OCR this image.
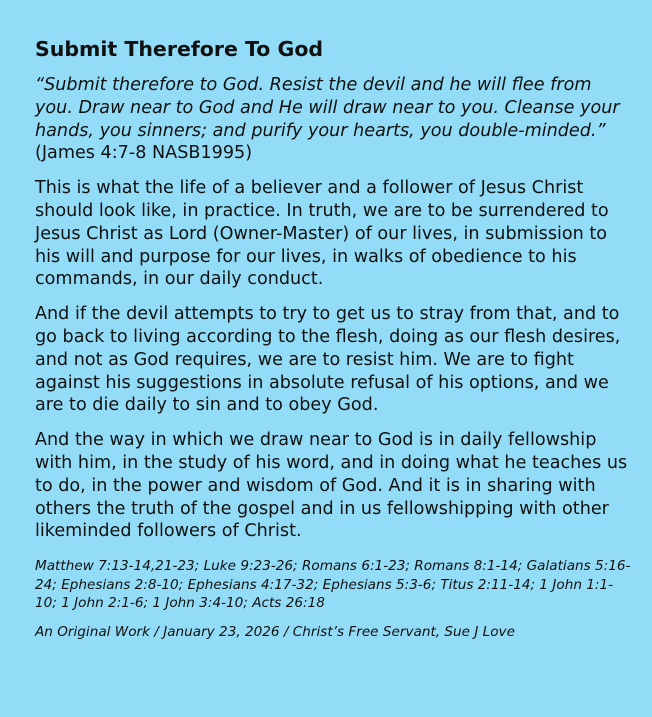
Submit Therefore To God

“Submit therefore to God. Resist the devil and he will flee from you. Draw near to God and He will draw near to you. Cleanse your hands, you sinners; and purify your hearts, you double-minded.” (James 4:7-8 NASB1995)

This is what the life of a believer and a follower of Jesus Christ should look like, in practice. In truth, we are to be surrendered to Jesus Christ as Lord (Owner-Master) of our lives, in submission to his will and purpose for our lives, in walks of obedience to his commands, in our daily conduct.

And if the devil attempts to try to get us to stray from that, and to go back to living according to the flesh, doing as our flesh desires, and not as God requires, we are to resist him. We are to fight against his suggestions in absolute refusal of his options, and we are to die daily to sin and to obey God.

And the way in which we draw near to God is in daily fellowship with him, in the study of his word, and in doing what he teaches us to do, in the power and wisdom of God. And it is in sharing with others the truth of the gospel and in us fellowshipping with other likeminded followers of Christ.

Matthew 7:13-14,21-23; Luke 9:23-26; Romans 6:1-23; Romans 8:1-14; Galatians 5:16-24; Ephesians 2:8-10; Ephesians 4:17-32; Ephesians 5:3-6; Titus 2:11-14; 1 John 1:1-10; 1 John 2:1-6; 1 John 3:4-10; Acts 26:18

An Original Work / January 23, 2026 / Christ’s Free Servant, Sue J Love
